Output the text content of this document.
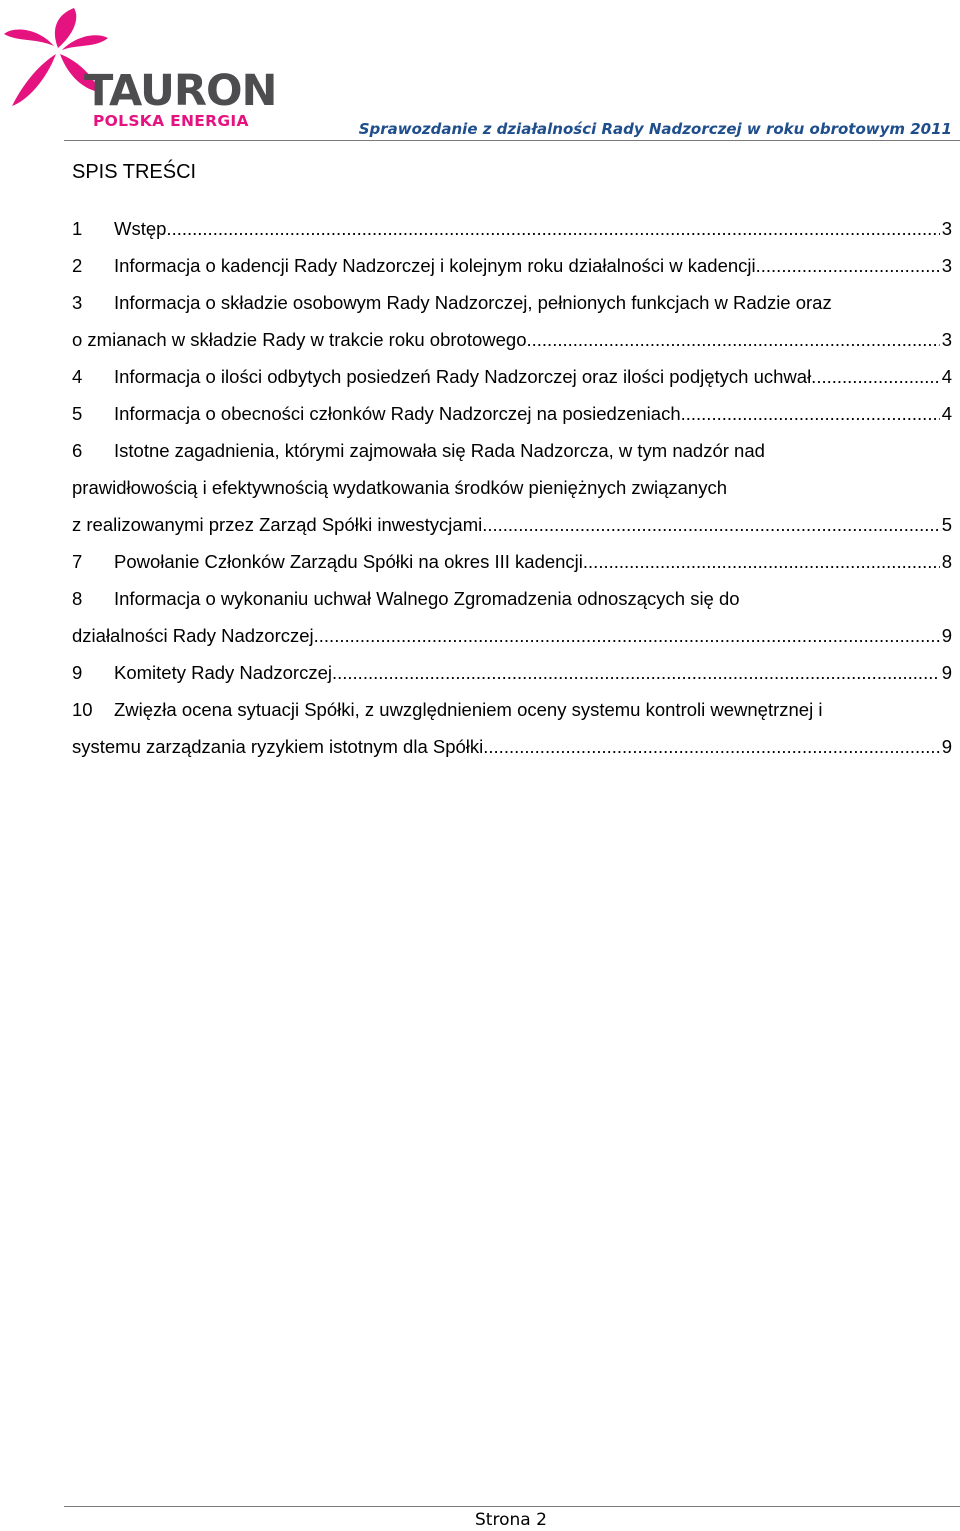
TAURON
POLSKA ENERGIA	Sprawozdanie z działalności Rady Nadzorczej w roku obrotowym 2011
SPIS TREŚCI
1	Wstęp. .....	3
2	Informacja o kadencji Rady Nadzorczej i kolejnym roku działalności w kadencji. .....	3
3	Informacja o składzie osobowym Rady Nadzorczej, pełnionych funkcjach w Radzie oraz
o zmianach w składzie Rady w trakcie roku obrotowego. .....	3
4	Informacja o ilości odbytych posiedzeń Rady Nadzorczej oraz ilości podjętych uchwał. .....	4
5	Informacja o obecności członków Rady Nadzorczej na posiedzeniach. .....	4
6	Istotne zagadnienia, którymi zajmowała się Rada Nadzorcza, w tym nadzór nad
prawidłowością i efektywnością wydatkowania środków pieniężnych związanych
z realizowanymi przez Zarząd Spółki inwestycjami. .....	5
7	Powołanie Członków Zarządu Spółki na okres III kadencji. .....	8
8	Informacja o wykonaniu uchwał Walnego Zgromadzenia odnoszących się do
działalności Rady Nadzorczej. .....	9
9	Komitety Rady Nadzorczej. .....	9
10	Zwięzła ocena sytuacji Spółki, z uwzględnieniem oceny systemu kontroli wewnętrznej i
systemu zarządzania ryzykiem istotnym dla Spółki. .....	9
Strona 2
